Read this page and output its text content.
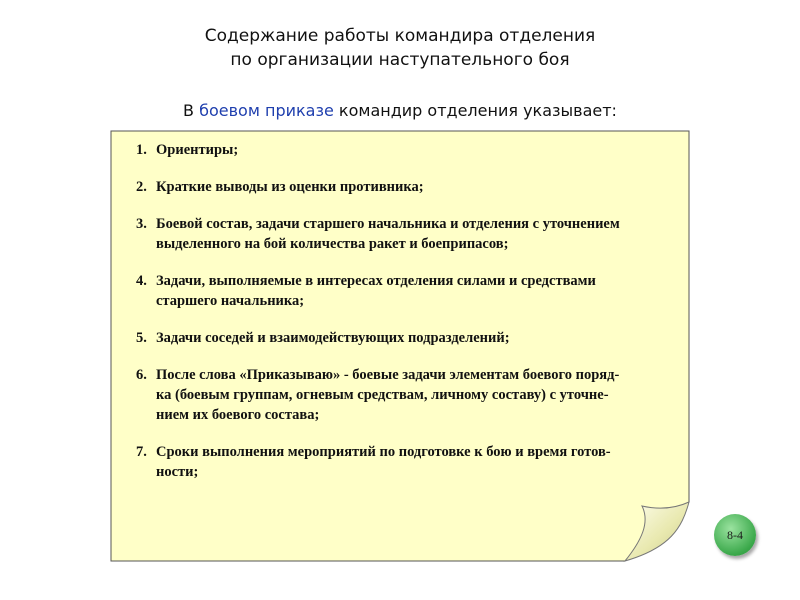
Содержание работы командира отделения
по организации наступательного боя
В боевом приказе командир отделения указывает:
1. Ориентиры;
2. Краткие выводы из оценки противника;
3. Боевой состав, задачи старшего начальника и отделения с уточнением
выделенного на бой количества ракет и боеприпасов;
4. Задачи, выполняемые в интересах отделения силами и средствами
старшего начальника;
5. Задачи соседей и взаимодействующих подразделений;
6. После слова «Приказываю» - боевые задачи элементам боевого поряд-
ка (боевым группам, огневым средствам, личному составу) с уточне-
нием их боевого состава;
7. Сроки выполнения мероприятий по подготовке к бою и время готов-
ности;
8-4
